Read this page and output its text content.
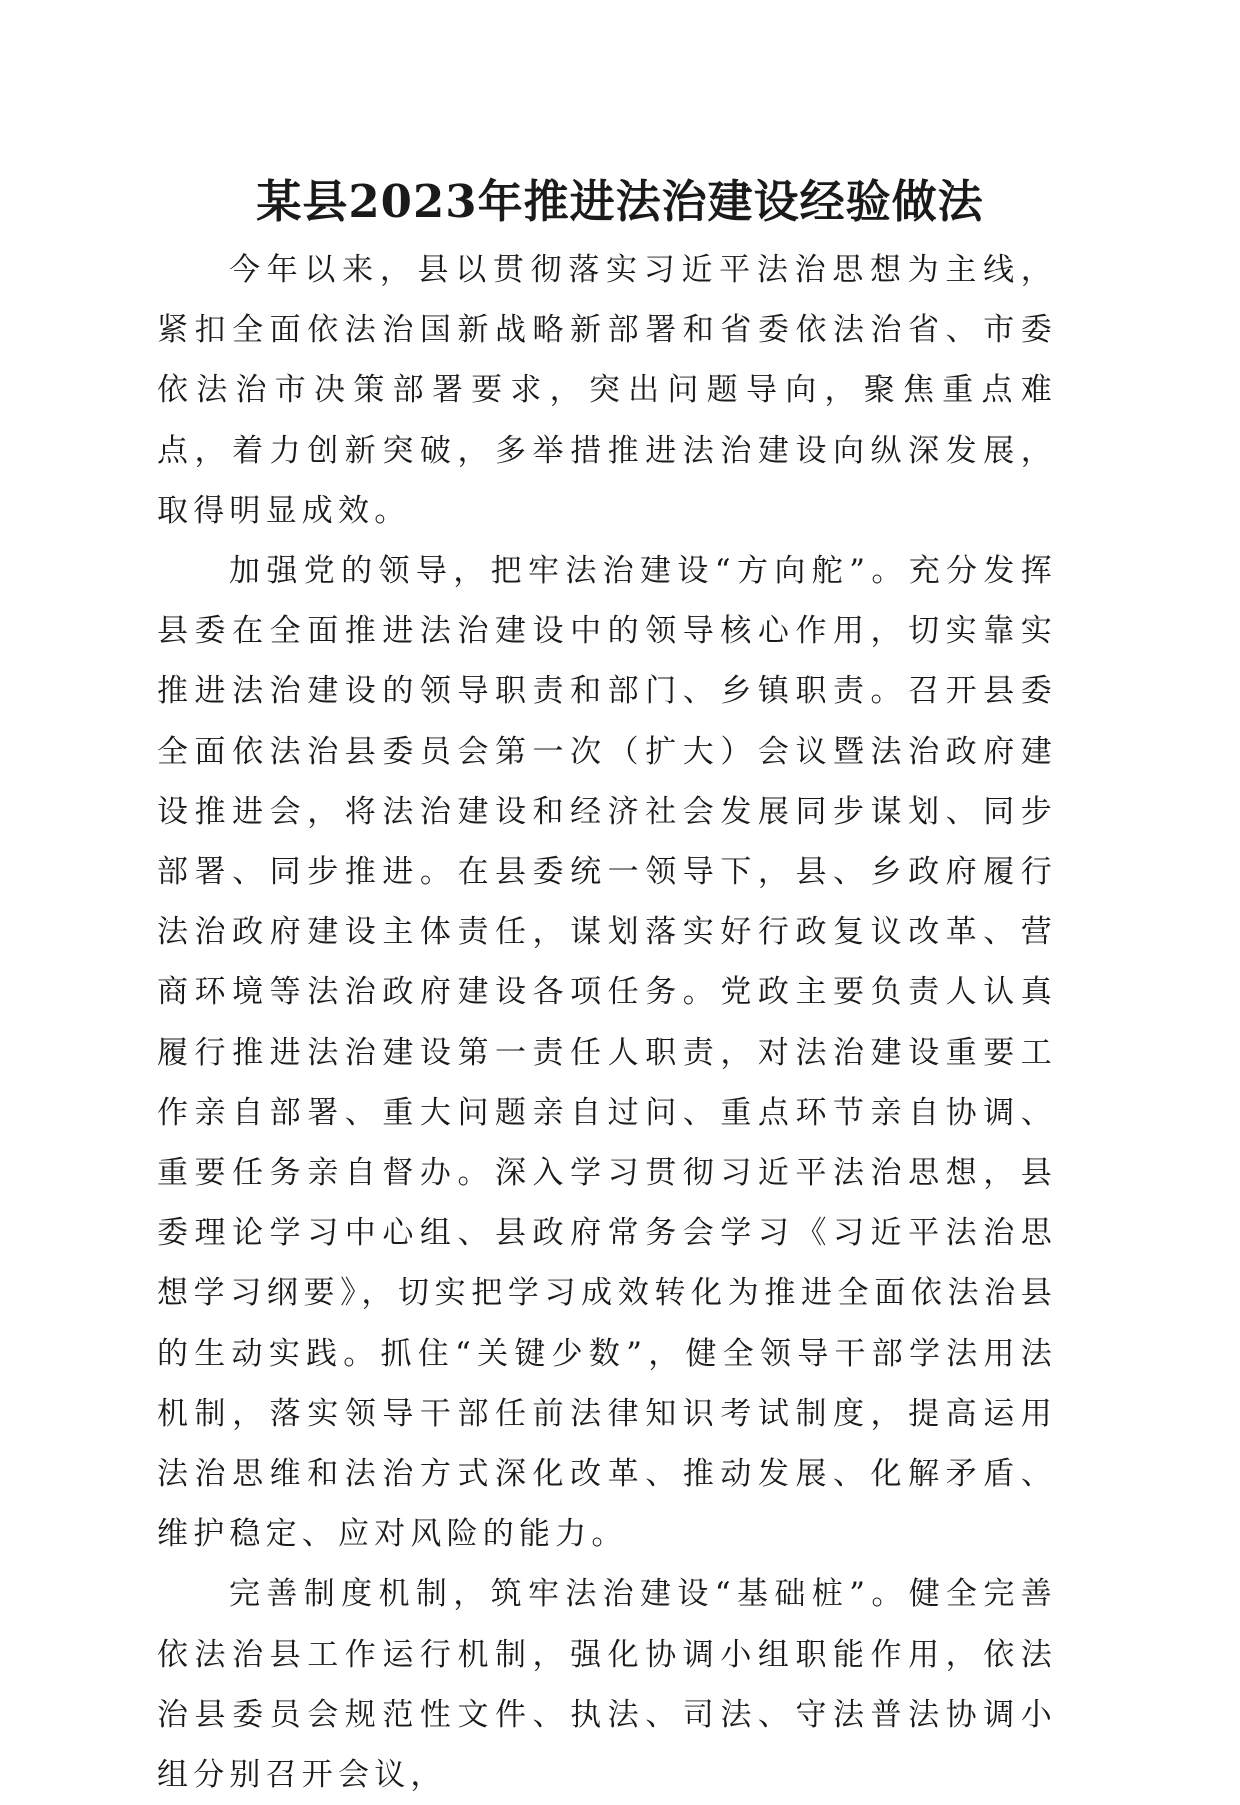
某县2023年推进法治建设经验做法

今年以来，县以贯彻落实习近平法治思想为主线，紧扣全面依法治国新战略新部署和省委依法治省、市委依法治市决策部署要求，突出问题导向，聚焦重点难点，着力创新突破，多举措推进法治建设向纵深发展，取得明显成效。

加强党的领导，把牢法治建设“方向舵”。充分发挥县委在全面推进法治建设中的领导核心作用，切实靠实推进法治建设的领导职责和部门、乡镇职责。召开县委全面依法治县委员会第一次（扩大）会议暨法治政府建设推进会，将法治建设和经济社会发展同步谋划、同步部署、同步推进。在县委统一领导下，县、乡政府履行法治政府建设主体责任，谋划落实好行政复议改革、营商环境等法治政府建设各项任务。党政主要负责人认真履行推进法治建设第一责任人职责，对法治建设重要工作亲自部署、重大问题亲自过问、重点环节亲自协调、重要任务亲自督办。深入学习贯彻习近平法治思想，县委理论学习中心组、县政府常务会学习《习近平法治思想学习纲要》，切实把学习成效转化为推进全面依法治县的生动实践。抓住“关键少数”，健全领导干部学法用法机制，落实领导干部任前法律知识考试制度，提高运用法治思维和法治方式深化改革、推动发展、化解矛盾、维护稳定、应对风险的能力。

完善制度机制，筑牢法治建设“基础桩”。健全完善依法治县工作运行机制，强化协调小组职能作用，依法治县委员会规范性文件、执法、司法、守法普法协调小组分别召开会议，
